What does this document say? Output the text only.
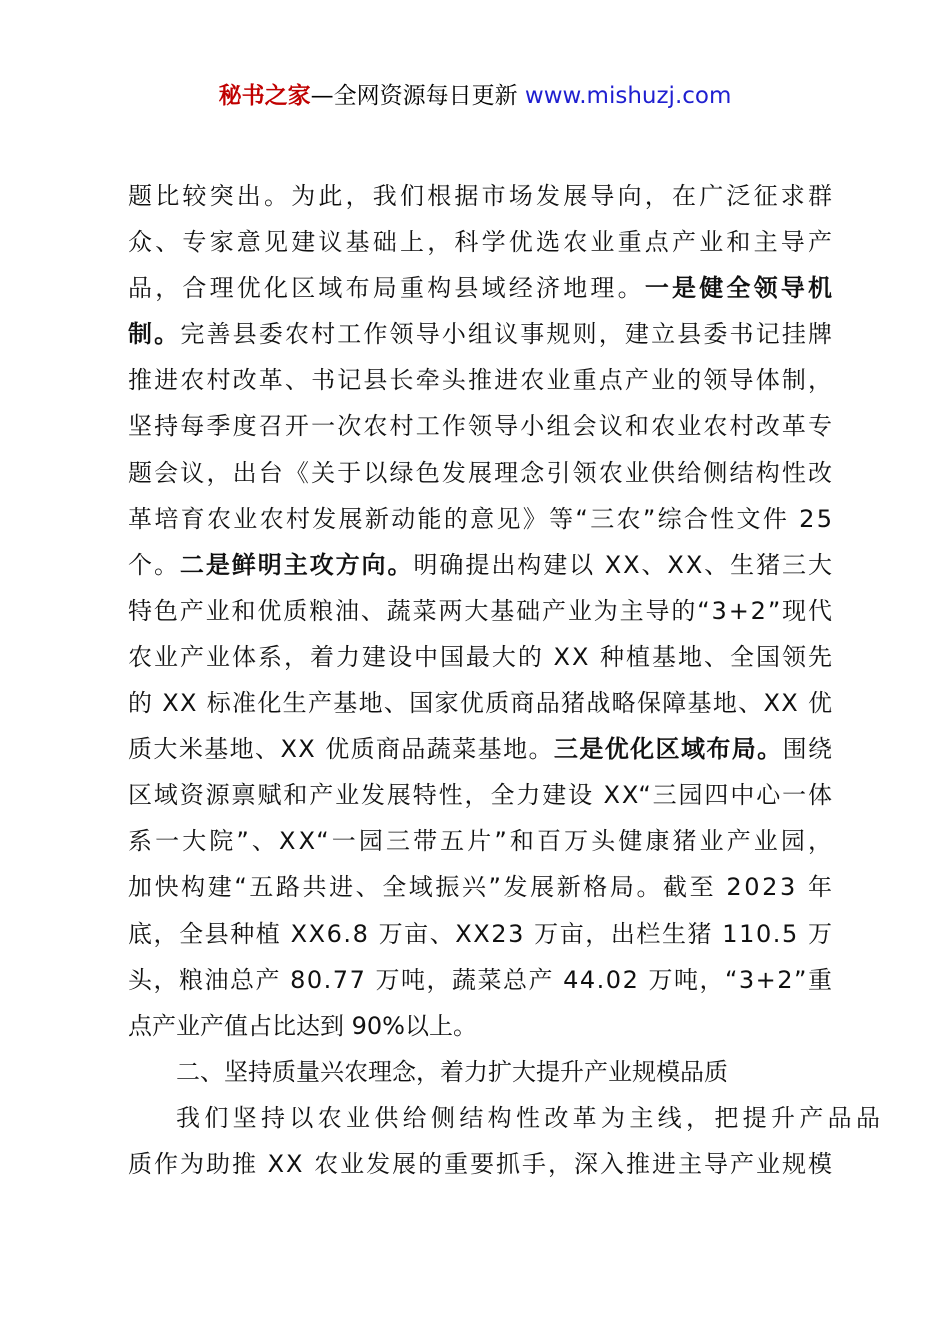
秘书之家—全网资源每日更新 www.mishuzj.com
题比较突出。为此，我们根据市场发展导向，在广泛征求群
众、专家意见建议基础上，科学优选农业重点产业和主导产
品，合理优化区域布局重构县域经济地理。一是健全领导机
制。完善县委农村工作领导小组议事规则，建立县委书记挂牌
推进农村改革、书记县长牵头推进农业重点产业的领导体制，
坚持每季度召开一次农村工作领导小组会议和农业农村改革专
题会议，出台《关于以绿色发展理念引领农业供给侧结构性改
革培育农业农村发展新动能的意见》等“三农”综合性文件 25
个。二是鲜明主攻方向。明确提出构建以 XX、XX、生猪三大
特色产业和优质粮油、蔬菜两大基础产业为主导的“3+2”现代
农业产业体系，着力建设中国最大的 XX 种植基地、全国领先
的 XX 标准化生产基地、国家优质商品猪战略保障基地、XX 优
质大米基地、XX 优质商品蔬菜基地。三是优化区域布局。围绕
区域资源禀赋和产业发展特性，全力建设 XX“三园四中心一体
系一大院”、XX“一园三带五片”和百万头健康猪业产业园，
加快构建“五路共进、全域振兴”发展新格局。截至 2023 年
底，全县种植 XX6.8 万亩、XX23 万亩，出栏生猪 110.5 万
头，粮油总产 80.77 万吨，蔬菜总产 44.02 万吨，“3+2”重
点产业产值占比达到 90%以上。
二、坚持质量兴农理念，着力扩大提升产业规模品质
我们坚持以农业供给侧结构性改革为主线，把提升产品品
质作为助推 XX 农业发展的重要抓手，深入推进主导产业规模
